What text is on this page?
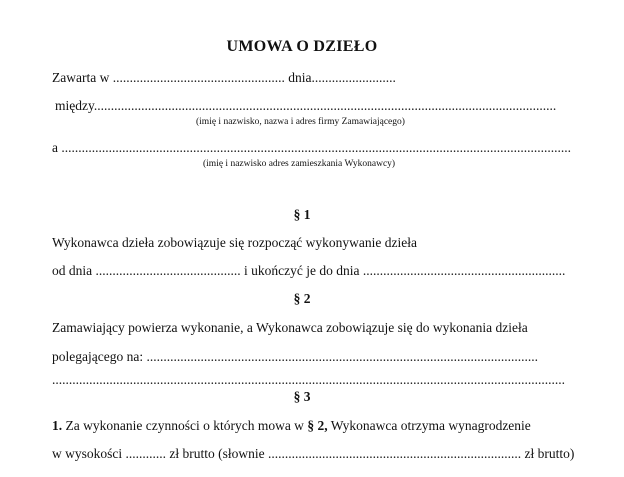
UMOWA O DZIEŁO
Zawarta w ................................................... dnia.........................
między.........................................................................................................................................
(imię i nazwisko, nazwa i adres firmy Zamawiającego)
a .......................................................................................................................................................
(imię i nazwisko adres zamieszkania Wykonawcy)
§ 1
Wykonawca dzieła zobowiązuje się rozpocząć wykonywanie dzieła
od dnia ........................................... i ukończyć je do dnia ............................................................
§ 2
Zamawiający powierza wykonanie, a Wykonawca zobowiązuje się do wykonania dzieła
polegającego na: ....................................................................................................................
........................................................................................................................................................
§ 3
1. Za wykonanie czynności o których mowa w § 2, Wykonawca otrzyma wynagrodzenie
w wysokości ............ zł brutto (słownie ........................................................................... zł brutto)
